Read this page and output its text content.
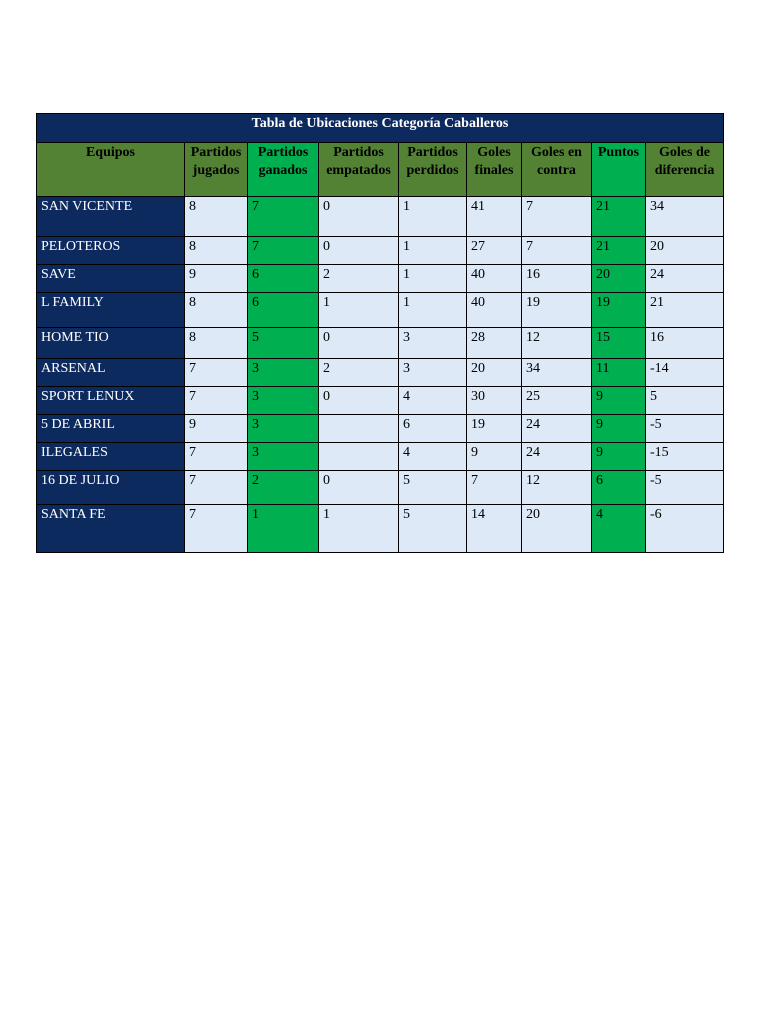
Tabla de Ubicaciones Categoría Caballeros								
Equipos	Partidos jugados	Partidos ganados	Partidos empatados	Partidos perdidos	Goles finales	Goles en contra	Puntos	Goles de diferencia
SAN VICENTE	8	7	0	1	41	7	21	34
PELOTEROS	8	7	0	1	27	7	21	20
SAVE	9	6	2	1	40	16	20	24
L FAMILY	8	6	1	1	40	19	19	21
HOME TIO	8	5	0	3	28	12	15	16
ARSENAL	7	3	2	3	20	34	11	-14
SPORT LENUX	7	3	0	4	30	25	9	5
5 DE ABRIL	9	3		6	19	24	9	-5
ILEGALES	7	3		4	9	24	9	-15
16 DE JULIO	7	2	0	5	7	12	6	-5
SANTA FE	7	1	1	5	14	20	4	-6
